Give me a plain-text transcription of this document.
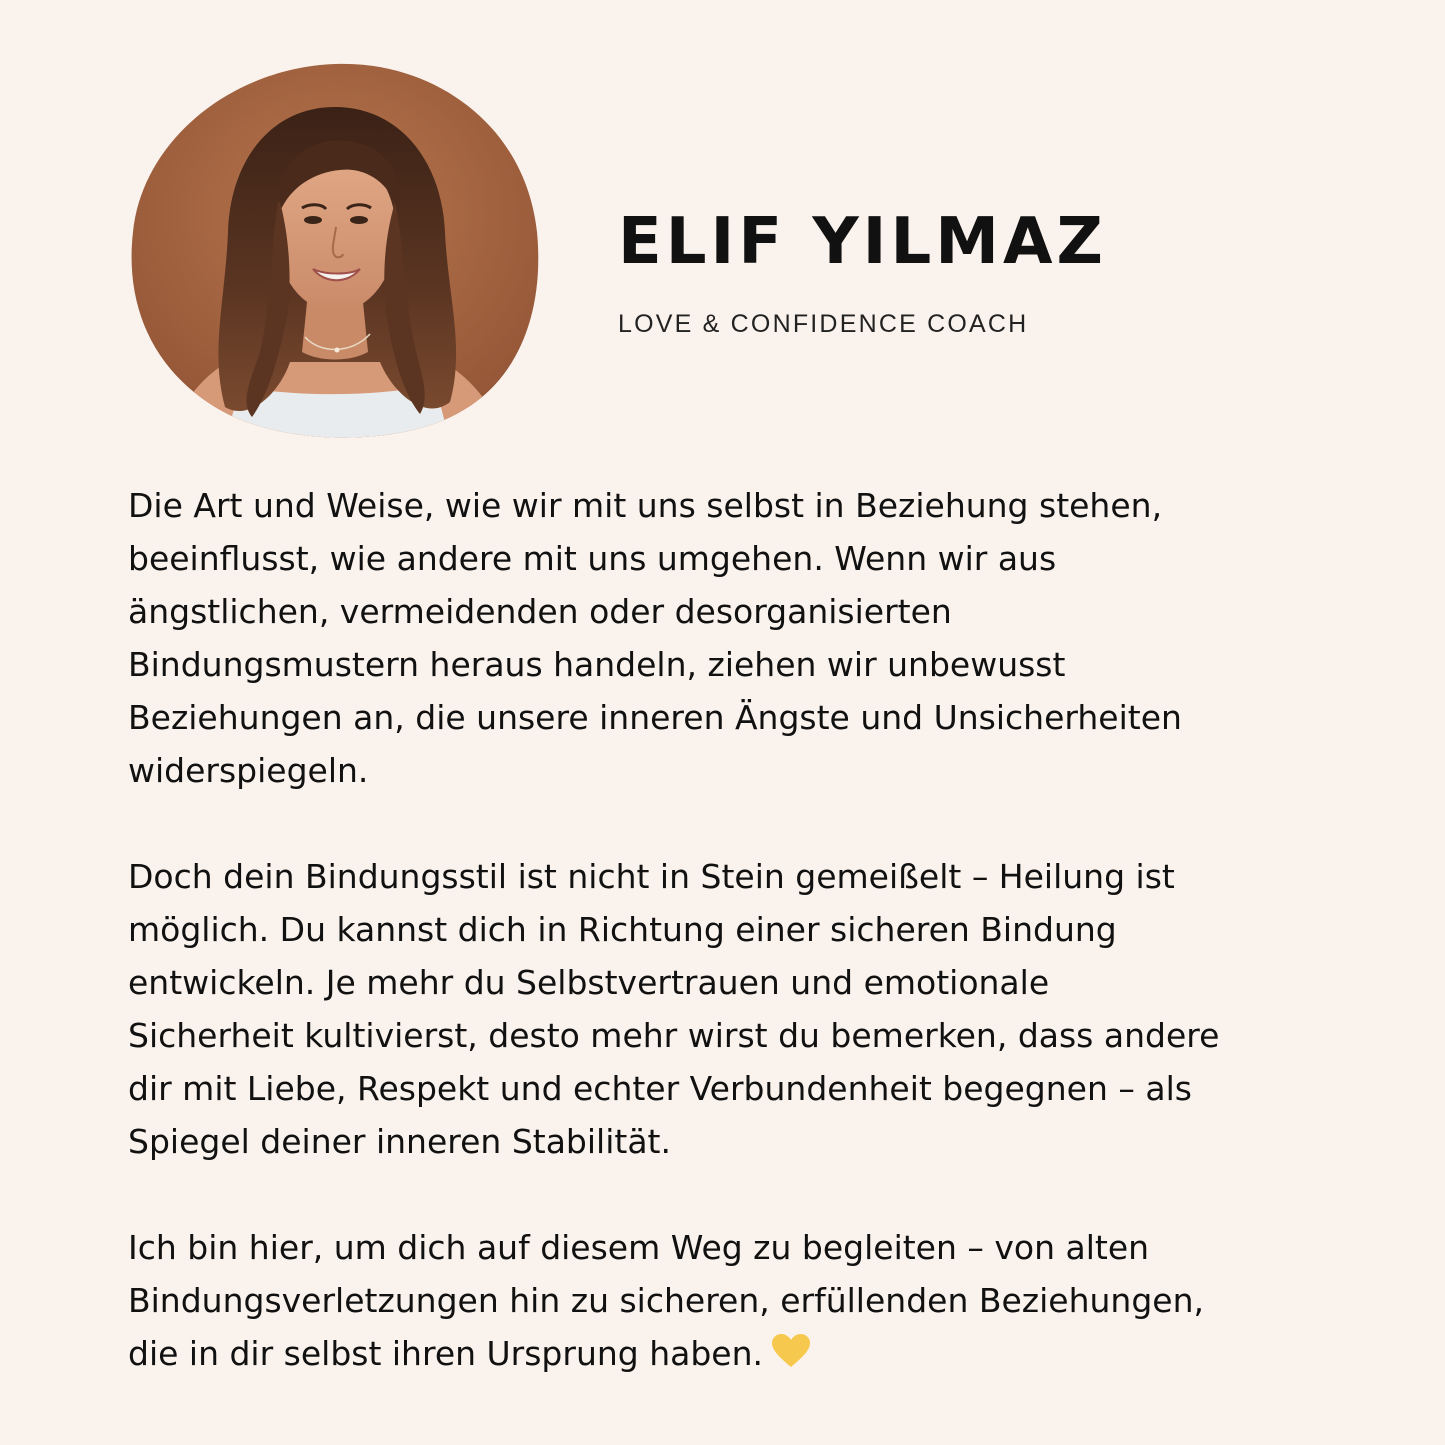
ELIF YILMAZ
LOVE & CONFIDENCE COACH

Die Art und Weise, wie wir mit uns selbst in Beziehung stehen,
beeinflusst, wie andere mit uns umgehen. Wenn wir aus
ängstlichen, vermeidenden oder desorganisierten
Bindungsmustern heraus handeln, ziehen wir unbewusst
Beziehungen an, die unsere inneren Ängste und Unsicherheiten
widerspiegeln.

Doch dein Bindungsstil ist nicht in Stein gemeißelt – Heilung ist
möglich. Du kannst dich in Richtung einer sicheren Bindung
entwickeln. Je mehr du Selbstvertrauen und emotionale
Sicherheit kultivierst, desto mehr wirst du bemerken, dass andere
dir mit Liebe, Respekt und echter Verbundenheit begegnen – als
Spiegel deiner inneren Stabilität.

Ich bin hier, um dich auf diesem Weg zu begleiten – von alten
Bindungsverletzungen hin zu sicheren, erfüllenden Beziehungen,
die in dir selbst ihren Ursprung haben.
